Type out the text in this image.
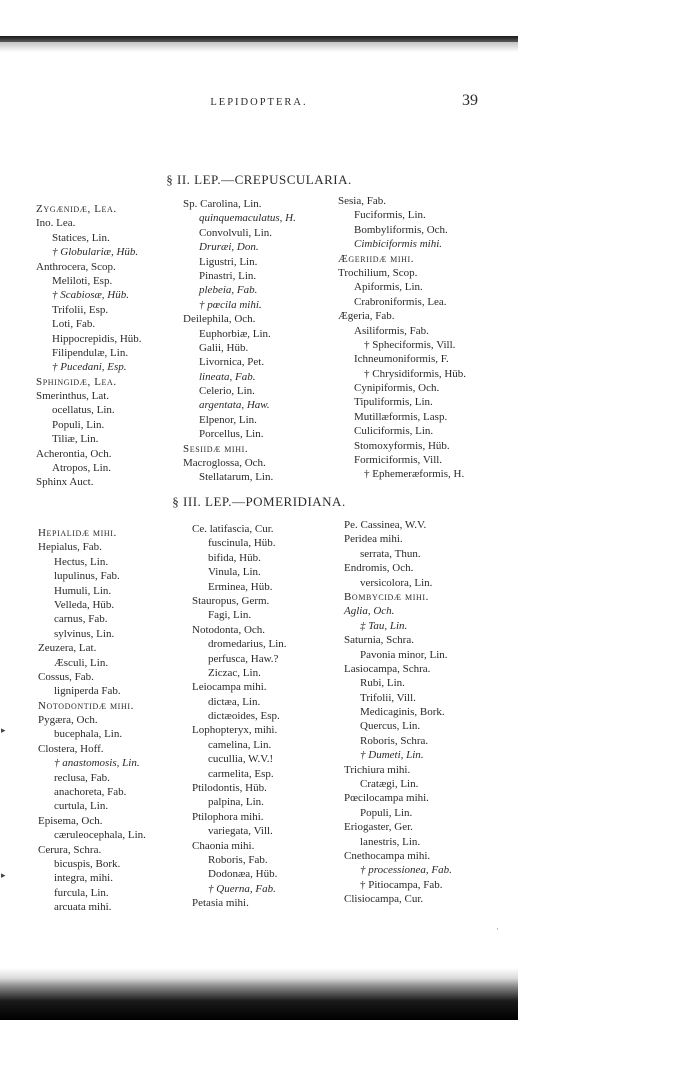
▸
▸
·
LEPIDOPTERA.	39
§ II. LEP.—CREPUSCULARIA.
Zygænidæ, Lea.
Ino. Lea.
Statices, Lin.
† Globulariæ, Hüb.
Anthrocera, Scop.
Meliloti, Esp.
† Scabiosæ, Hüb.
Trifolii, Esp.
Loti, Fab.
Hippocrepidis, Hüb.
Filipendulæ, Lin.
† Pucedani, Esp.
Sphingidæ, Lea.
Smerinthus, Lat.
ocellatus, Lin.
Populi, Lin.
Tiliæ, Lin.
Acherontia, Och.
Atropos, Lin.
Sphinx Auct.
Sp. Carolina, Lin.
quinquemaculatus, H.
Convolvuli, Lin.
Druræi, Don.
Ligustri, Lin.
Pinastri, Lin.
plebeia, Fab.
† pœcila mihi.
Deilephila, Och.
Euphorbiæ, Lin.
Galii, Hüb.
Livornica, Pet.
lineata, Fab.
Celerio, Lin.
argentata, Haw.
Elpenor, Lin.
Porcellus, Lin.
Sesiidæ mihi.
Macroglossa, Och.
Stellatarum, Lin.
Sesia, Fab.
Fuciformis, Lin.
Bombyliformis, Och.
Cimbiciformis mihi.
Ægeriidæ mihi.
Trochilium, Scop.
Apiformis, Lin.
Crabroniformis, Lea.
Ægeria, Fab.
Asiliformis, Fab.
† Spheciformis, Vill.
Ichneumoniformis, F.
† Chrysidiformis, Hüb.
Cynipiformis, Och.
Tipuliformis, Lin.
Mutillæformis, Lasp.
Culiciformis, Lin.
Stomoxyformis, Hüb.
Formiciformis, Vill.
† Ephemeræformis, H.
§ III. LEP.—POMERIDIANA.
Hepialidæ mihi.
Hepialus, Fab.
Hectus, Lin.
lupulinus, Fab.
Humuli, Lin.
Velleda, Hüb.
carnus, Fab.
sylvinus, Lin.
Zeuzera, Lat.
Æsculi, Lin.
Cossus, Fab.
ligniperda Fab.
Notodontidæ mihi.
Pygæra, Och.
bucephala, Lin.
Clostera, Hoff.
† anastomosis, Lin.
reclusa, Fab.
anachoreta, Fab.
curtula, Lin.
Episema, Och.
cæruleocephala, Lin.
Cerura, Schra.
bicuspis, Bork.
integra, mihi.
furcula, Lin.
arcuata mihi.
Ce. latifascia, Cur.
fuscinula, Hüb.
bifida, Hüb.
Vinula, Lin.
Erminea, Hüb.
Stauropus, Germ.
Fagi, Lin.
Notodonta, Och.
dromedarius, Lin.
perfusca, Haw.?
Ziczac, Lin.
Leiocampa mihi.
dictæa, Lin.
dictæoides, Esp.
Lophopteryx, mihi.
camelina, Lin.
cucullia, W.V.!
carmelita, Esp.
Ptilodontis, Hüb.
palpina, Lin.
Ptilophora mihi.
variegata, Vill.
Chaonia mihi.
Roboris, Fab.
Dodonæa, Hüb.
† Querna, Fab.
Petasia mihi.
Pe. Cassinea, W.V.
Peridea mihi.
serrata, Thun.
Endromis, Och.
versicolora, Lin.
Bombycidæ mihi.
Aglia, Och.
‡ Tau, Lin.
Saturnia, Schra.
Pavonia minor, Lin.
Lasiocampa, Schra.
Rubi, Lin.
Trifolii, Vill.
Medicaginis, Bork.
Quercus, Lin.
Roboris, Schra.
† Dumeti, Lin.
Trichiura mihi.
Cratægi, Lin.
Pœcilocampa mihi.
Populi, Lin.
Eriogaster, Ger.
lanestris, Lin.
Cnethocampa mihi.
† processionea, Fab.
† Pitiocampa, Fab.
Clisiocampa, Cur.
